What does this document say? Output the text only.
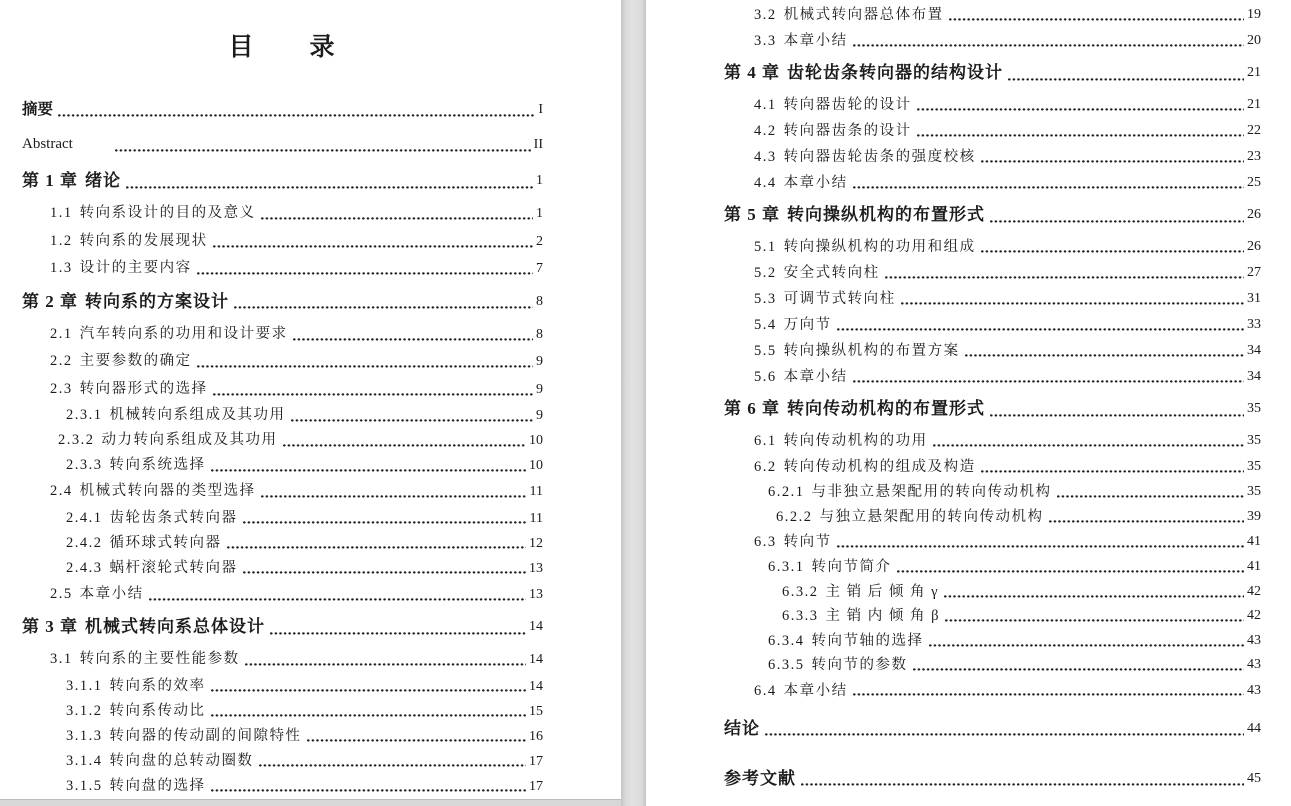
目　　录
摘要	I
Abstract	II
第 1 章 绪论	1
1.1 转向系设计的目的及意义	1
1.2 转向系的发展现状	2
1.3 设计的主要内容	7
第 2 章 转向系的方案设计	8
2.1 汽车转向系的功用和设计要求	8
2.2 主要参数的确定	9
2.3 转向器形式的选择	9
2.3.1 机械转向系组成及其功用	9
2.3.2 动力转向系组成及其功用	10
2.3.3 转向系统选择	10
2.4 机械式转向器的类型选择	11
2.4.1 齿轮齿条式转向器	11
2.4.2 循环球式转向器	12
2.4.3 蜗杆滚轮式转向器	13
2.5 本章小结	13
第 3 章 机械式转向系总体设计	14
3.1 转向系的主要性能参数	14
3.1.1 转向系的效率	14
3.1.2 转向系传动比	15
3.1.3 转向器的传动副的间隙特性	16
3.1.4 转向盘的总转动圈数	17
3.1.5 转向盘的选择	17
3.2 机械式转向器总体布置	19
3.3 本章小结	20
第 4 章 齿轮齿条转向器的结构设计	21
4.1 转向器齿轮的设计	21
4.2 转向器齿条的设计	22
4.3 转向器齿轮齿条的强度校核	23
4.4 本章小结	25
第 5 章 转向操纵机构的布置形式	26
5.1 转向操纵机构的功用和组成	26
5.2 安全式转向柱	27
5.3 可调节式转向柱	31
5.4 万向节	33
5.5 转向操纵机构的布置方案	34
5.6 本章小结	34
第 6 章 转向传动机构的布置形式	35
6.1 转向传动机构的功用	35
6.2 转向传动机构的组成及构造	35
6.2.1 与非独立悬架配用的转向传动机构	35
6.2.2 与独立悬架配用的转向传动机构	39
6.3 转向节	41
6.3.1 转向节简介	41
6.3.2 主 销 后 倾 角 γ	42
6.3.3 主 销 内 倾 角 β	42
6.3.4 转向节轴的选择	43
6.3.5 转向节的参数	43
6.4 本章小结	43
结论	44
参考文献	45
